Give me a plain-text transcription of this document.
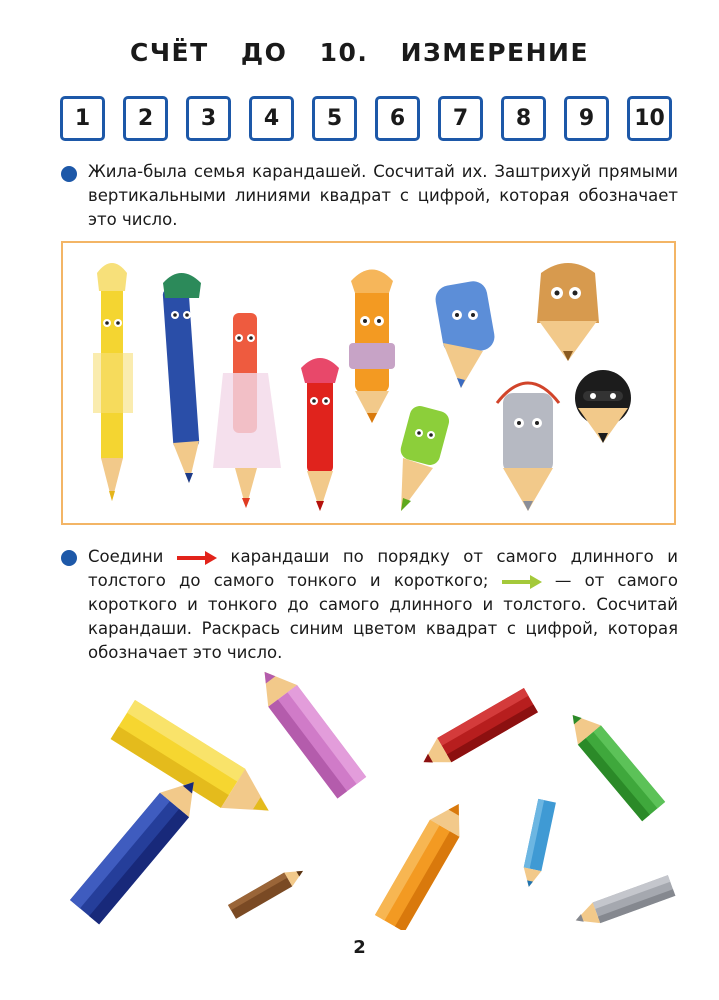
СЧЁТ ДО 10. ИЗМЕРЕНИЕ
1	2	3	4	5	6	7	8	9	10
Жила-была семья карандашей. Сосчитай их. Заштрихуй прямыми вертикальными линиями квадрат с цифрой, которая обозначает это число.
Соедини	карандаши по порядку от самого длинного и толстого до самого тонкого и короткого;	— от самого короткого и тонкого до самого длинного и толстого. Сосчитай карандаши. Раскрась синим цветом квадрат с цифрой, которая обозначает это число.
2
